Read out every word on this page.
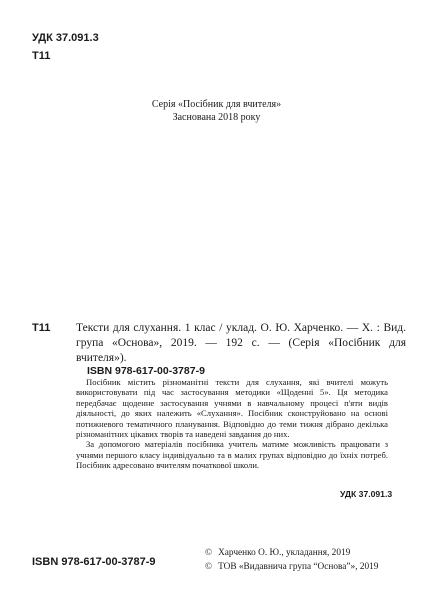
УДК 37.091.3
Т11
Серія «Посібник для вчителя»
Заснована 2018 року
Т11 Тексти для слухання. 1 клас / уклад. О. Ю. Харченко. — Х. : Вид. група «Основа», 2019. — 192 с. — (Серія «Посібник для вчителя»).
ISBN 978-617-00-3787-9

Посібник містить різноманітні тексти для слухання, які вчителі можуть використовувати під час застосування методики «Щоденні 5». Ця методика передбачає щоденне застосування учнями в навчальному процесі п'яти видів діяльності, до яких належить «Слухання». Посібник сконструйовано на основі потижневого тематичного планування. Відповідно до теми тижня дібрано декілька різноманітних цікавих творів та наведені завдання до них.

За допомогою матеріалів посібника учитель матиме можливість працювати з учнями першого класу індивідуально та в малих групах відповідно до їхніх потреб. Посібник адресовано вчителям початкової школи.

УДК 37.091.3
ISBN 978-617-00-3787-9
© Харченко О. Ю., укладання, 2019
© ТОВ «Видавнича група “Основа”», 2019
